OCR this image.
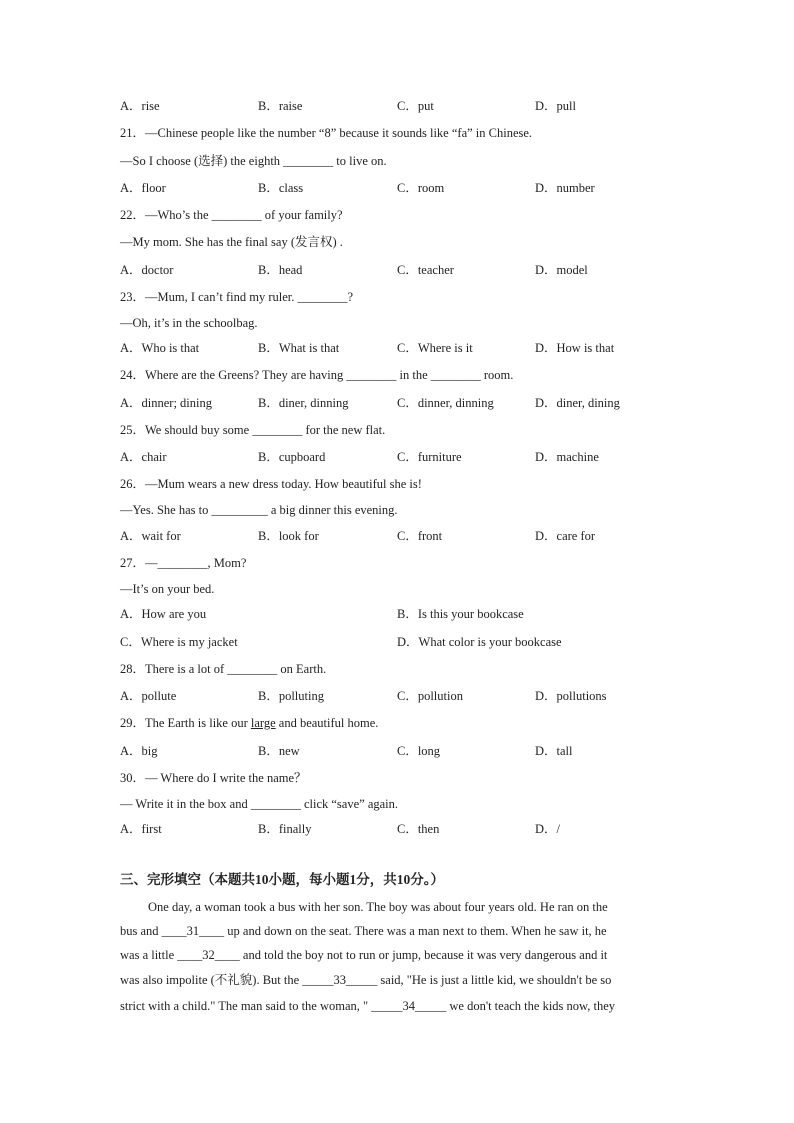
A．rise	B．raise	C．put	D．pull
21．—Chinese people like the number “8” because it sounds like “fa” in Chinese.
—So I choose (选择) the eighth ________ to live on.
A．floor	B．class	C．room	D．number
22．—Who’s the ________ of your family?
—My mom. She has the final say (发言权) .
A．doctor	B．head	C．teacher	D．model
23．—Mum, I can’t find my ruler. ________?
—Oh, it’s in the schoolbag.
A．Who is that	B．What is that	C．Where is it	D．How is that
24．Where are the Greens? They are having ________ in the ________ room.
A．dinner; dining	B．diner, dinning	C．dinner, dinning	D．diner, dining
25．We should buy some ________ for the new flat.
A．chair	B．cupboard	C．furniture	D．machine
26．—Mum wears a new dress today. How beautiful she is!
—Yes. She has to _________ a big dinner this evening.
A．wait for	B．look for	C．front	D．care for
27．—________, Mom?
—It’s on your bed.
A．How are you	B．Is this your bookcase
C．Where is my jacket	D．What color is your bookcase
28．There is a lot of ________ on Earth.
A．pollute	B．polluting	C．pollution	D．pollutions
29．The Earth is like our large and beautiful home.
A．big	B．new	C．long	D．tall
30．— Where do I write the name？
— Write it in the box and ________ click “save” again.
A．first	B．finally	C．then	D．/
三、完形填空（本题共10小题，每小题1分，共10分。）
One day, a woman took a bus with her son. The boy was about four years old. He ran on the
bus and ____31____ up and down on the seat. There was a man next to them. When he saw it, he
was a little ____32____ and told the boy not to run or jump, because it was very dangerous and it
was also impolite (不礼貌). But the _____33_____ said, "He is just a little kid, we shouldn't be so
strict with a child." The man said to the woman, " _____34_____ we don't teach the kids now, they
